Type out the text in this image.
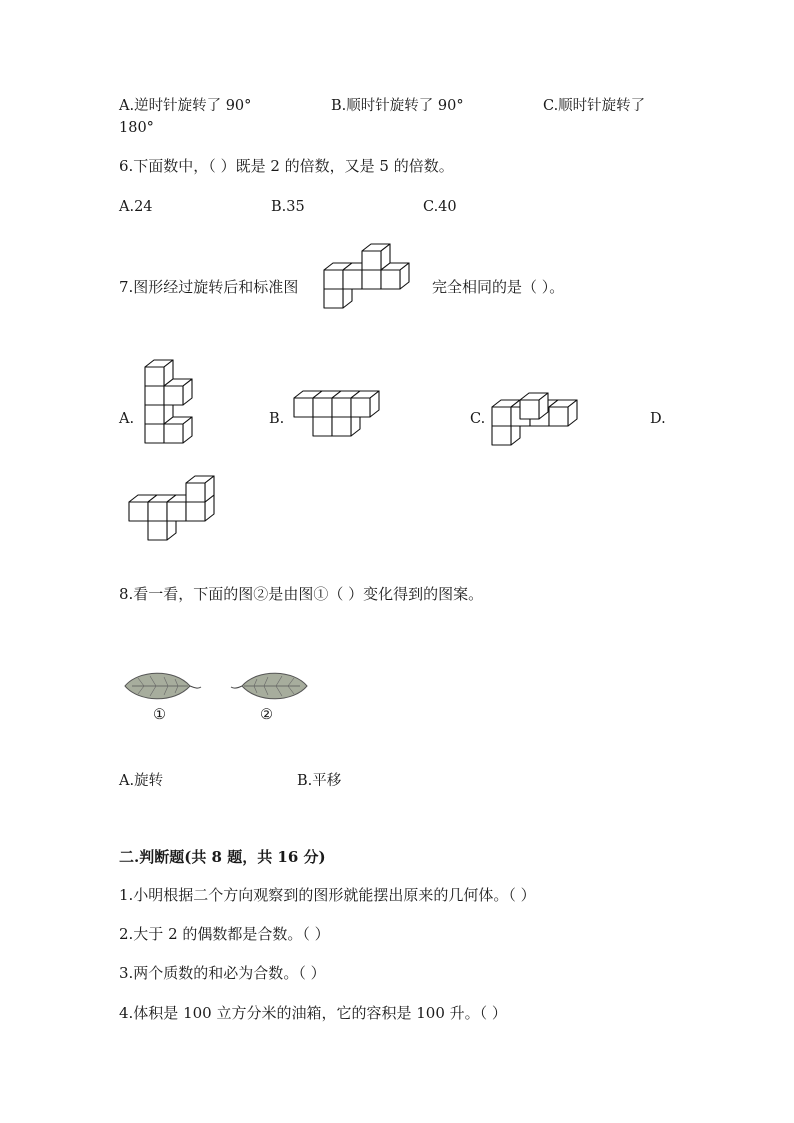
A.逆时针旋转了 90°	B.顺时针旋转了 90°	C.顺时针旋转了
180°
6.下面数中，（ ）既是 2 的倍数，又是 5 的倍数。
A.24	B.35	C.40
7.图形经过旋转后和标准图	完全相同的是（ ）。
A.	B.	C.	D.
8.看一看，下面的图②是由图①（ ）变化得到的图案。
①	②
A.旋转	B.平移
二.判断题(共 8 题，共 16 分)
1.小明根据二个方向观察到的图形就能摆出原来的几何体。（ ）
2.大于 2 的偶数都是合数。（ ）
3.两个质数的和必为合数。（ ）
4.体积是 100 立方分米的油箱，它的容积是 100 升。（ ）
